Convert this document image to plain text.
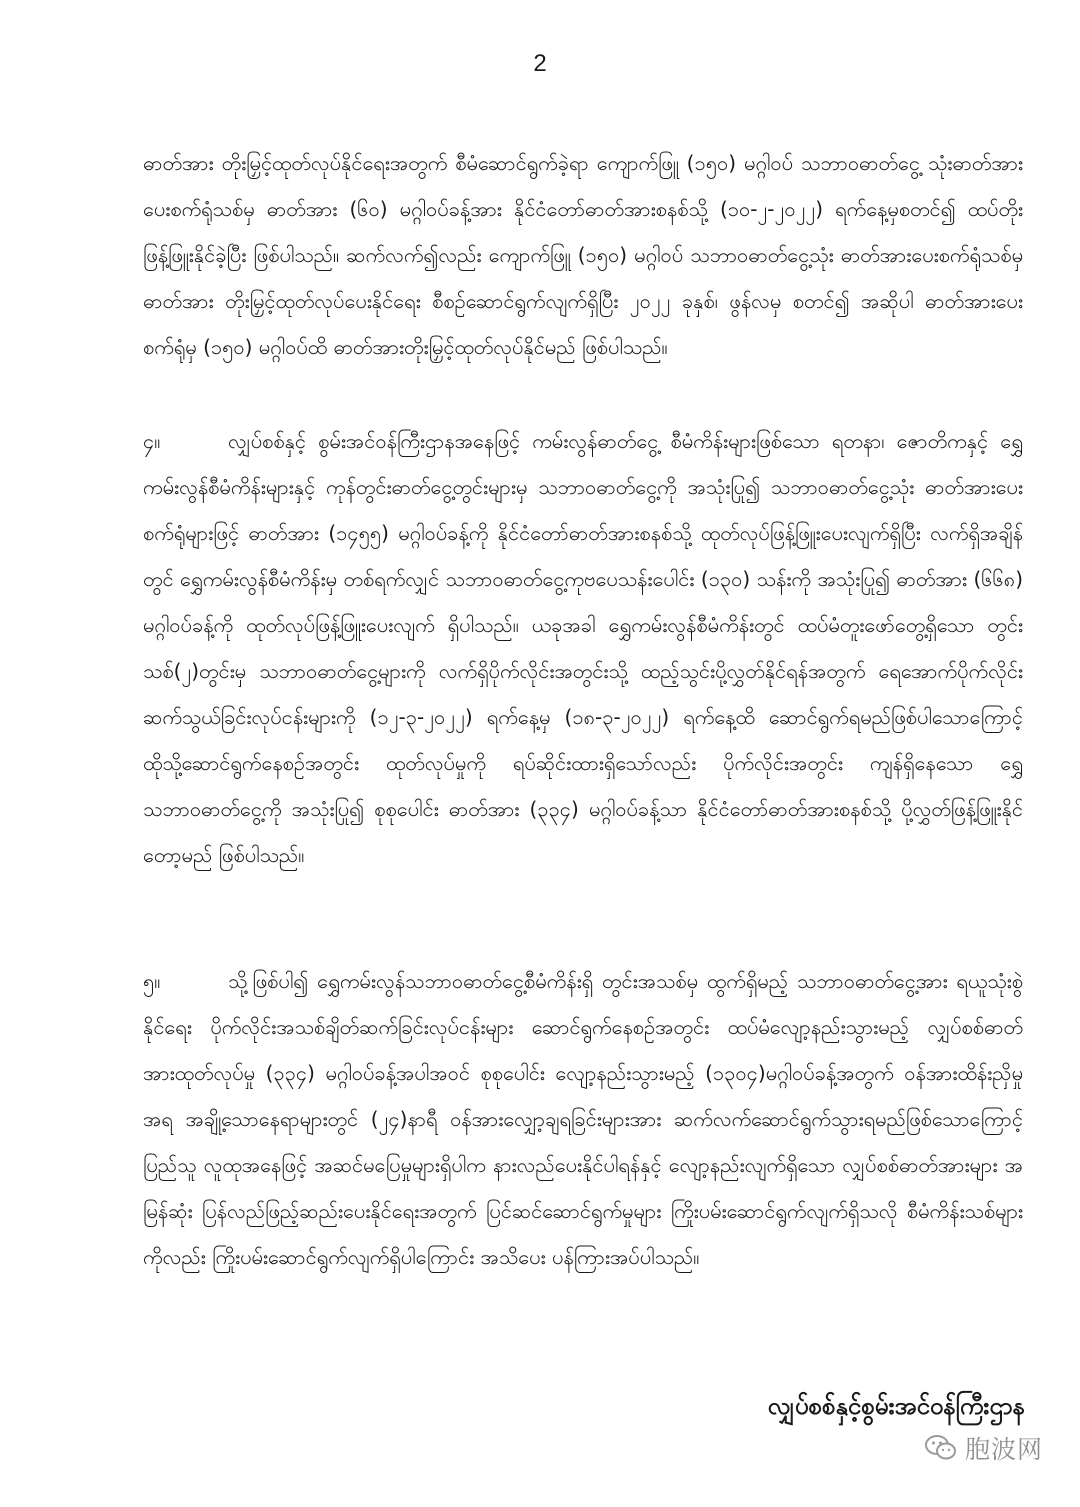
2

ဓာတ်အား တိုးမြှင့်ထုတ်လုပ်နိုင်ရေးအတွက် စီမံဆောင်ရွက်ခဲ့ရာ ကျောက်ဖြူ (၁၅၀) မဂ္ဂါဝပ် သဘာဝဓာတ်ငွေ့ သုံးဓာတ်အားပေးစက်ရုံသစ်မှ ဓာတ်အား (၆၀) မဂ္ဂါဝပ်ခန့်အား နိုင်ငံတော်ဓာတ်အားစနစ်သို့ (၁၀-၂-၂၀၂၂) ရက်နေ့မှစတင်၍ ထပ်တိုးဖြန့်ဖြူးနိုင်ခဲ့ပြီး ဖြစ်ပါသည်။ ဆက်လက်၍လည်း ကျောက်ဖြူ (၁၅၀) မဂ္ဂါဝပ် သဘာဝဓာတ်ငွေ့သုံး ဓာတ်အားပေးစက်ရုံသစ်မှ ဓာတ်အား တိုးမြှင့်ထုတ်လုပ်ပေးနိုင်ရေး စီစဉ်ဆောင်ရွက်လျက်ရှိပြီး ၂၀၂၂ ခုနှစ်၊ ဖွန်လမှ စတင်၍ အဆိုပါ ဓာတ်အားပေးစက်ရုံမှ (၁၅၀) မဂ္ဂါဝပ်ထိ ဓာတ်အားတိုးမြှင့်ထုတ်လုပ်နိုင်မည် ဖြစ်ပါသည်။

၄။	လျှပ်စစ်နှင့် စွမ်းအင်ဝန်ကြီးဌာနအနေဖြင့် ကမ်းလွန်ဓာတ်ငွေ့ စီမံကိန်းများဖြစ်သော ရတနာ၊ ဇောတိကနှင့် ရွှေကမ်းလွန်စီမံကိန်းများနှင့် ကုန်တွင်းဓာတ်ငွေ့တွင်းများမှ သဘာဝဓာတ်ငွေ့ကို အသုံးပြု၍ သဘာဝဓာတ်ငွေ့သုံး ဓာတ်အားပေးစက်ရုံများဖြင့် ဓာတ်အား (၁၄၅၅) မဂ္ဂါဝပ်ခန့်ကို နိုင်ငံတော်ဓာတ်အားစနစ်သို့ ထုတ်လုပ်ဖြန့်ဖြူးပေးလျက်ရှိပြီး လက်ရှိအချိန်တွင် ရွှေကမ်းလွန်စီမံကိန်းမှ တစ်ရက်လျှင် သဘာဝဓာတ်ငွေ့ကုဗပေသန်းပေါင်း (၁၃၀) သန်းကို အသုံးပြု၍ ဓာတ်အား (၆၆၈) မဂ္ဂါဝပ်ခန့်ကို ထုတ်လုပ်ဖြန့်ဖြူးပေးလျက် ရှိပါသည်။ ယခုအခါ ရွှေကမ်းလွန်စီမံကိန်းတွင် ထပ်မံတူးဖော်တွေ့ရှိသော တွင်းသစ်(၂)တွင်းမှ သဘာဝဓာတ်ငွေ့များကို လက်ရှိပိုက်လိုင်းအတွင်းသို့ ထည့်သွင်းပို့လွှတ်နိုင်ရန်အတွက် ရေအောက်ပိုက်လိုင်း ဆက်သွယ်ခြင်းလုပ်ငန်းများကို (၁၂-၃-၂၀၂၂) ရက်နေ့မှ (၁၈-၃-၂၀၂၂) ရက်နေ့ထိ ဆောင်ရွက်ရမည်ဖြစ်ပါသောကြောင့် ထိုသို့ဆောင်ရွက်နေစဉ်အတွင်း ထုတ်လုပ်မှုကို ရပ်ဆိုင်းထားရှိသော်လည်း ပိုက်လိုင်းအတွင်း ကျန်ရှိနေသော ရွှေသဘာဝဓာတ်ငွေ့ကို အသုံးပြု၍ စုစုပေါင်း ဓာတ်အား (၃၃၄) မဂ္ဂါဝပ်ခန့်သာ နိုင်ငံတော်ဓာတ်အားစနစ်သို့ ပို့လွှတ်ဖြန့်ဖြူးနိုင်တော့မည် ဖြစ်ပါသည်။

၅။	သို့ဖြစ်ပါ၍ ရွှေကမ်းလွန်သဘာဝဓာတ်ငွေ့စီမံကိန်းရှိ တွင်းအသစ်မှ ထွက်ရှိမည့် သဘာဝဓာတ်ငွေ့အား ရယူသုံးစွဲနိုင်ရေး ပိုက်လိုင်းအသစ်ချိတ်ဆက်ခြင်းလုပ်ငန်းများ ဆောင်ရွက်နေစဉ်အတွင်း ထပ်မံလျော့နည်းသွားမည့် လျှပ်စစ်ဓာတ်အားထုတ်လုပ်မှု (၃၃၄) မဂ္ဂါဝပ်ခန့်အပါအဝင် စုစုပေါင်း လျော့နည်းသွားမည့် (၁၃၀၄)မဂ္ဂါဝပ်ခန့်အတွက် ဝန်အားထိန်းညှိမှုအရ အချို့သောနေရာများတွင် (၂၄)နာရီ ဝန်အားလျှော့ချရခြင်းများအား ဆက်လက်ဆောင်ရွက်သွားရမည်ဖြစ်သောကြောင့် ပြည်သူ လူထုအနေဖြင့် အဆင်မပြေမှုများရှိပါက နားလည်ပေးနိုင်ပါရန်နှင့် လျော့နည်းလျက်ရှိသော လျှပ်စစ်ဓာတ်အားများ အမြန်ဆုံး ပြန်လည်ဖြည့်ဆည်းပေးနိုင်ရေးအတွက် ပြင်ဆင်ဆောင်ရွက်မှုများ ကြိုးပမ်းဆောင်ရွက်လျက်ရှိသလို စီမံကိန်းသစ်များကိုလည်း ကြိုးပမ်းဆောင်ရွက်လျက်ရှိပါကြောင်း အသိပေး ပန်ကြားအပ်ပါသည်။

လျှပ်စစ်နှင့်စွမ်းအင်ဝန်ကြီးဌာန
胞波网
